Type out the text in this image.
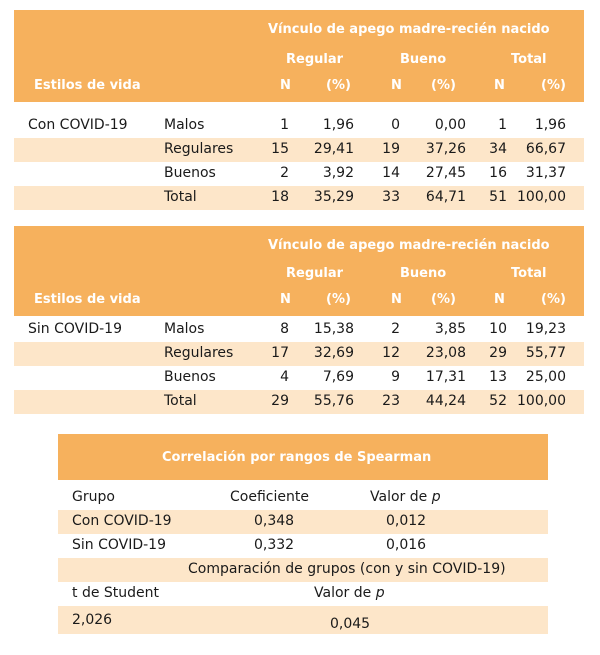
Vínculo de apego madre-recién nacido
Regular	Bueno	Total
Estilos de vida	N	(%)	N (%)	N	(%)
Con COVID-19	Malos	1 1,96	0 0,00 1 1,96
Regulares	15 29,41 19 37,26 34 66,67
Buenos	2 3,92 14 27,45 16 31,37
Total	18 35,29 33 64,71 51 100,00
Vínculo de apego madre-recién nacido
Regular	Bueno	Total
Estilos de vida	N	(%)	N (%)	N	(%)
Sin COVID-19	Malos	8 15,38	2 3,85 10 19,23
Regulares	17 32,69 12 23,08 29 55,77
Buenos	4 7,69	9 17,31 13 25,00
Total	29 55,76 23 44,24 52 100,00
Correlación por rangos de Spearman
Grupo	Coeficiente	Valor de p
Con COVID-19	0,348	0,012
Sin COVID-19	0,332	0,016
Comparación de grupos (con y sin COVID-19)
t de Student	Valor de p
2,026	0,045
